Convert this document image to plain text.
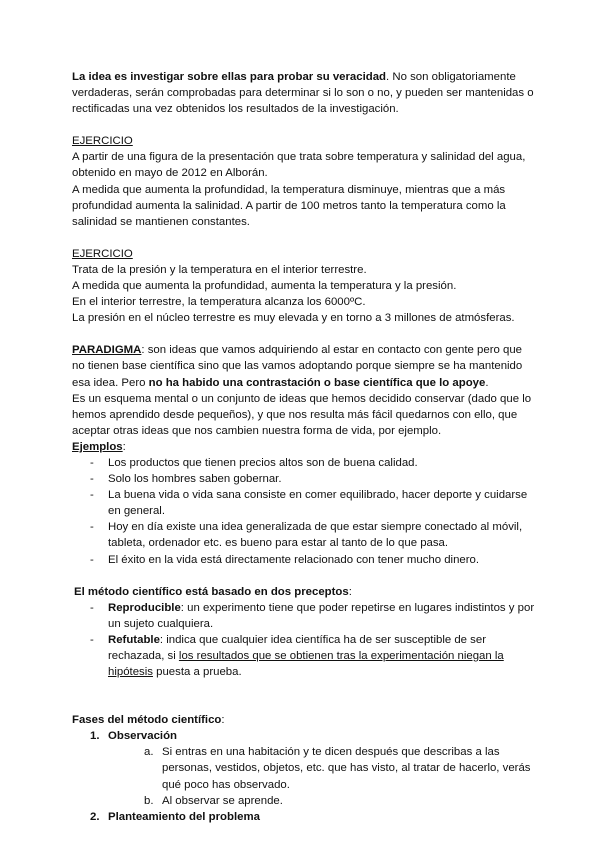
La idea es investigar sobre ellas para probar su veracidad. No son obligatoriamente verdaderas, serán comprobadas para determinar si lo son o no, y pueden ser mantenidas o rectificadas una vez obtenidos los resultados de la investigación.

EJERCICIO

A partir de una figura de la presentación que trata sobre temperatura y salinidad del agua, obtenido en mayo de 2012 en Alborán.

A medida que aumenta la profundidad, la temperatura disminuye, mientras que a más profundidad aumenta la salinidad. A partir de 100 metros tanto la temperatura como la salinidad se mantienen constantes.

EJERCICIO

Trata de la presión y la temperatura en el interior terrestre.

A medida que aumenta la profundidad, aumenta la temperatura y la presión.

En el interior terrestre, la temperatura alcanza los 6000ºC.

La presión en el núcleo terrestre es muy elevada y en torno a 3 millones de atmósferas.

PARADIGMA: son ideas que vamos adquiriendo al estar en contacto con gente pero que no tienen base científica sino que las vamos adoptando porque siempre se ha mantenido esa idea. Pero no ha habido una contrastación o base científica que lo apoye.

Es un esquema mental o un conjunto de ideas que hemos decidido conservar (dado que lo hemos aprendido desde pequeños), y que nos resulta más fácil quedarnos con ello, que aceptar otras ideas que nos cambien nuestra forma de vida, por ejemplo.

Ejemplos:

- Los productos que tienen precios altos son de buena calidad.
- Solo los hombres saben gobernar.
- La buena vida o vida sana consiste en comer equilibrado, hacer deporte y cuidarse en general.
- Hoy en día existe una idea generalizada de que estar siempre conectado al móvil, tableta, ordenador etc. es bueno para estar al tanto de lo que pasa.
- El éxito en la vida está directamente relacionado con tener mucho dinero.

El método científico está basado en dos preceptos:

- Reproducible: un experimento tiene que poder repetirse en lugares indistintos y por un sujeto cualquiera.
- Refutable: indica que cualquier idea científica ha de ser susceptible de ser rechazada, si los resultados que se obtienen tras la experimentación niegan la hipótesis puesta a prueba.

Fases del método científico:

1. Observación
a. Si entras en una habitación y te dicen después que describas a las personas, vestidos, objetos, etc. que has visto, al tratar de hacerlo, verás qué poco has observado.
b. Al observar se aprende.
2. Planteamiento del problema
